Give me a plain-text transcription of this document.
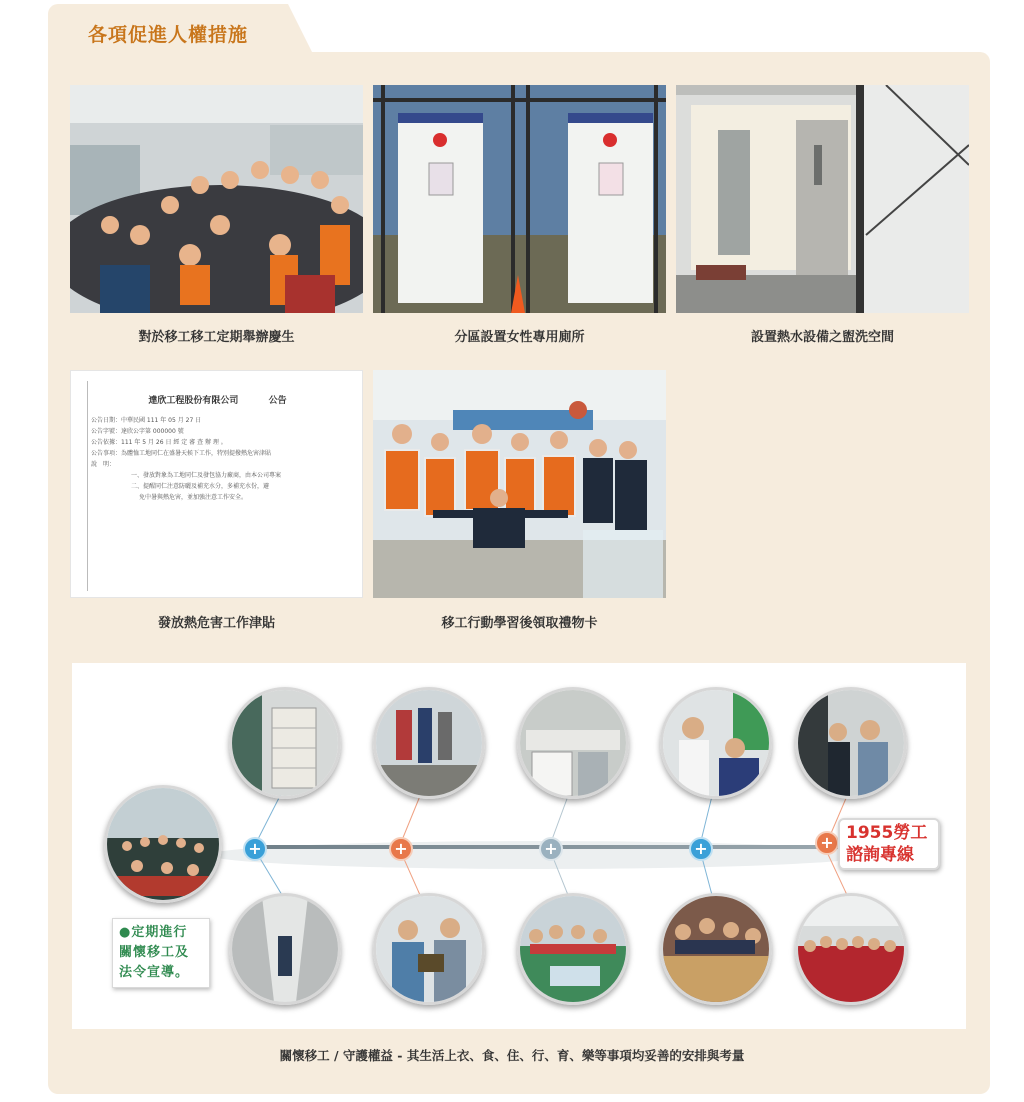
各項促進人權措施
對於移工移工定期舉辦慶生	分區設置女性專用廁所	設置熱水設備之盥洗空間
達欣工程股份有限公司	公告
公告日期：中華民國 111 年 05 月 27 日
公告字號：達欣公字第 000000 號
公告依據：111 年 5 月 26 日 經 定 審 查 辦 理 。
公告事項：為體恤工地同仁在盛暑天候下工作，特別提撥熱危害津貼
說　明：
一、發放對象為工地同仁及發包協力廠商，由本公司專案
二、提醒同仁注意防曬及補充水分，多補充水份，避
免中暑與熱危害，並加強注意工作安全。
發放熱危害工作津貼	移工行動學習後領取禮物卡
+	+	+	+	+
●定期進行 關懷移工及 法令宣導。
1955勞工 諮詢專線
關懷移工 / 守護權益 - 其生活上衣、食、住、行、育、樂等事項均妥善的安排與考量
